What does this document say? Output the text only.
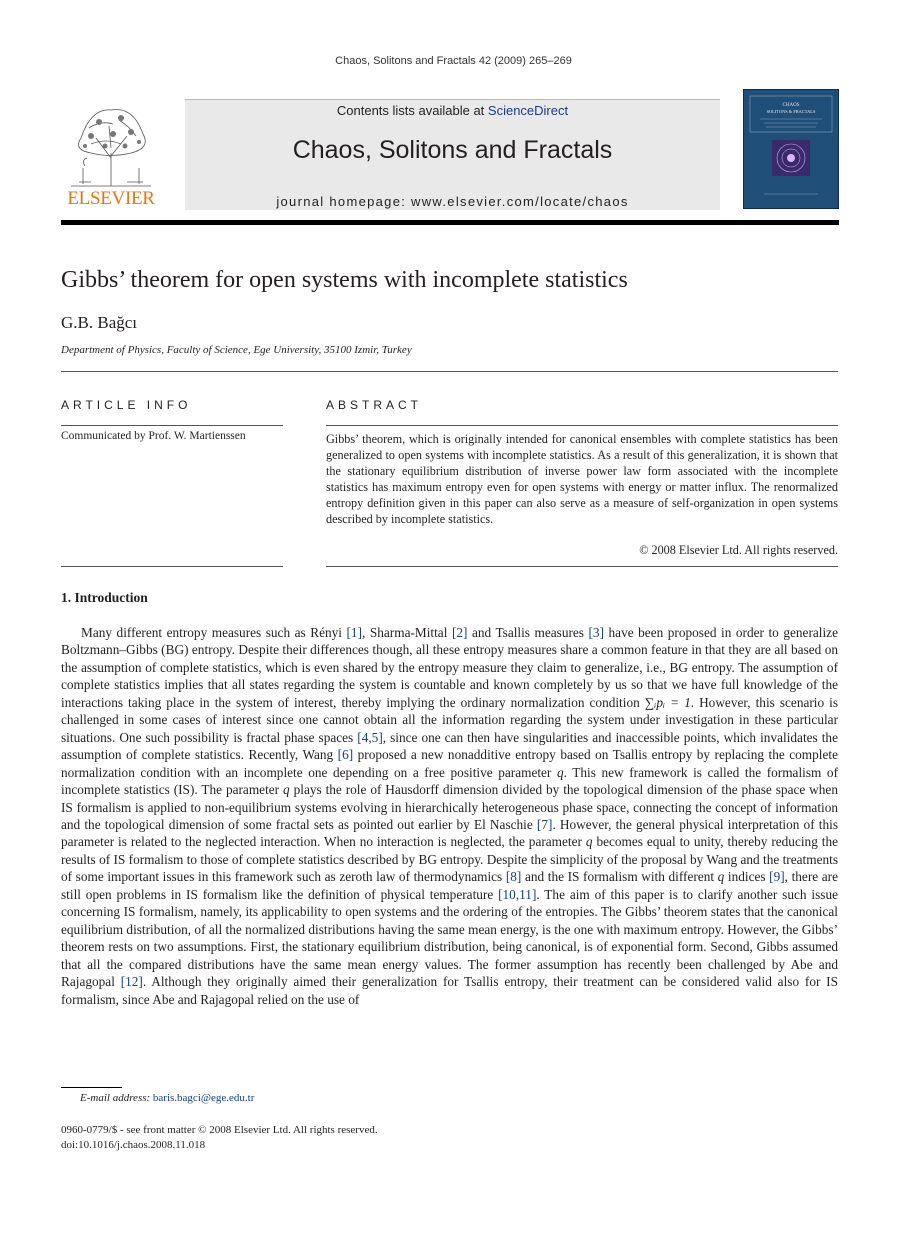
Chaos, Solitons and Fractals 42 (2009) 265–269
ELSEVIER
Contents lists available at ScienceDirect
Chaos, Solitons and Fractals
journal homepage: www.elsevier.com/locate/chaos
CHAOS
SOLITONS & FRACTALS
Gibbs’ theorem for open systems with incomplete statistics
G.B. Bağcı
Department of Physics, Faculty of Science, Ege University, 35100 Izmir, Turkey
ARTICLE INFO	ABSTRACT
Communicated by Prof. W. Martienssen	Gibbs’ theorem, which is originally intended for canonical ensembles with complete statistics has been generalized to open systems with incomplete statistics. As a result of this generalization, it is shown that the stationary equilibrium distribution of inverse power law form associated with the incomplete statistics has maximum entropy even for open systems with energy or matter influx. The renormalized entropy definition given in this paper can also serve as a measure of self-organization in open systems described by incomplete statistics.
© 2008 Elsevier Ltd. All rights reserved.
1. Introduction
Many different entropy measures such as Rényi [1], Sharma-Mittal [2] and Tsallis measures [3] have been proposed in order to generalize Boltzmann–Gibbs (BG) entropy. Despite their differences though, all these entropy measures share a common feature in that they are all based on the assumption of complete statistics, which is even shared by the entropy measure they claim to generalize, i.e., BG entropy. The assumption of complete statistics implies that all states regarding the system is countable and known completely by us so that we have full knowledge of the interactions taking place in the system of interest, thereby implying the ordinary normalization condition ∑ᵢpᵢ = 1. However, this scenario is challenged in some cases of interest since one cannot obtain all the information regarding the system under investigation in these particular situations. One such possibility is fractal phase spaces [4,5], since one can then have singularities and inaccessible points, which invalidates the assumption of complete statistics. Recently, Wang [6] proposed a new nonadditive entropy based on Tsallis entropy by replacing the complete normalization condition with an incomplete one depending on a free positive parameter q. This new framework is called the formalism of incomplete statistics (IS). The parameter q plays the role of Hausdorff dimension divided by the topological dimension of the phase space when IS formalism is applied to non-equilibrium systems evolving in hierarchically heterogeneous phase space, connecting the concept of information and the topological dimension of some fractal sets as pointed out earlier by El Naschie [7]. However, the general physical interpretation of this parameter is related to the neglected interaction. When no interaction is neglected, the parameter q becomes equal to unity, thereby reducing the results of IS formalism to those of complete statistics described by BG entropy. Despite the simplicity of the proposal by Wang and the treatments of some important issues in this framework such as zeroth law of thermodynamics [8] and the IS formalism with different q indices [9], there are still open problems in IS formalism like the definition of physical temperature [10,11]. The aim of this paper is to clarify another such issue concerning IS formalism, namely, its applicability to open systems and the ordering of the entropies. The Gibbs’ theorem states that the canonical equilibrium distribution, of all the normalized distributions having the same mean energy, is the one with maximum entropy. However, the Gibbs’ theorem rests on two assumptions. First, the stationary equilibrium distribution, being canonical, is of exponential form. Second, Gibbs assumed that all the compared distributions have the same mean energy values. The former assumption has recently been challenged by Abe and Rajagopal [12]. Although they originally aimed their generalization for Tsallis entropy, their treatment can be considered valid also for IS formalism, since Abe and Rajagopal relied on the use of
E-mail address: baris.bagci@ege.edu.tr
0960-0779/$ - see front matter © 2008 Elsevier Ltd. All rights reserved.
doi:10.1016/j.chaos.2008.11.018
